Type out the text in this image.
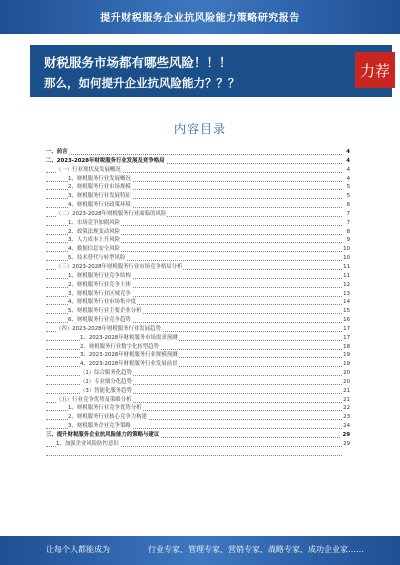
提升财税服务企业抗风险能力策略研究报告
财税服务市场都有哪些风险！！！
那么，如何提升企业抗风险能力？？？
力荐
内容目录
一、前言	4
二、2023-2028年财税服务行业发展及竞争格局	4
（一）行业现状及发展概况	4
1、财税服务行业发展概况	4
2、财税服务行业市场规模	5
3、财税服务行业发展特征	5
4、财税服务行业政策环境	6
（二）2023-2028年财税服务行业面临的风险	7
1、市场竞争加剧风险	7
2、政策法规变动风险	8
3、人力成本上升风险	9
4、数据信息安全风险	10
5、技术替代与转型风险	10
（三）2023-2028年财税服务行业市场竞争格局分析	11
1、财税服务行业竞争结构	11
2、财税服务行业竞争主体	12
3、财税服务行业区域竞争	13
4、财税服务行业市场集中度	14
5、财税服务行业主要企业分析	15
6、财税服务行业竞争趋势	16
（四）2023-2028年财税服务行业发展趋势	17
1、2023-2028年财税服务市场需求预测	17
2、财税服务行业数字化转型趋势	18
3、2023-2028年财税服务行业规模预测	19
4、2023-2028年财税服务行业发展前景	19
（1）综合服务化趋势	20
（2）专业细分化趋势	20
（3）智能化服务趋势	21
（五）行业竞争优势及策略分析	21
1、财税服务行业竞争优势分析	22
2、财税服务行业核心竞争力构建	23
3、财税服务企业竞争策略	24
三、提升财税服务企业抗风险能力的策略与建议	29
1、加强企业风险防控意识	29
让每个人都能成为	行业专家、管理专家、营销专家、战略专家、成功企业家……
